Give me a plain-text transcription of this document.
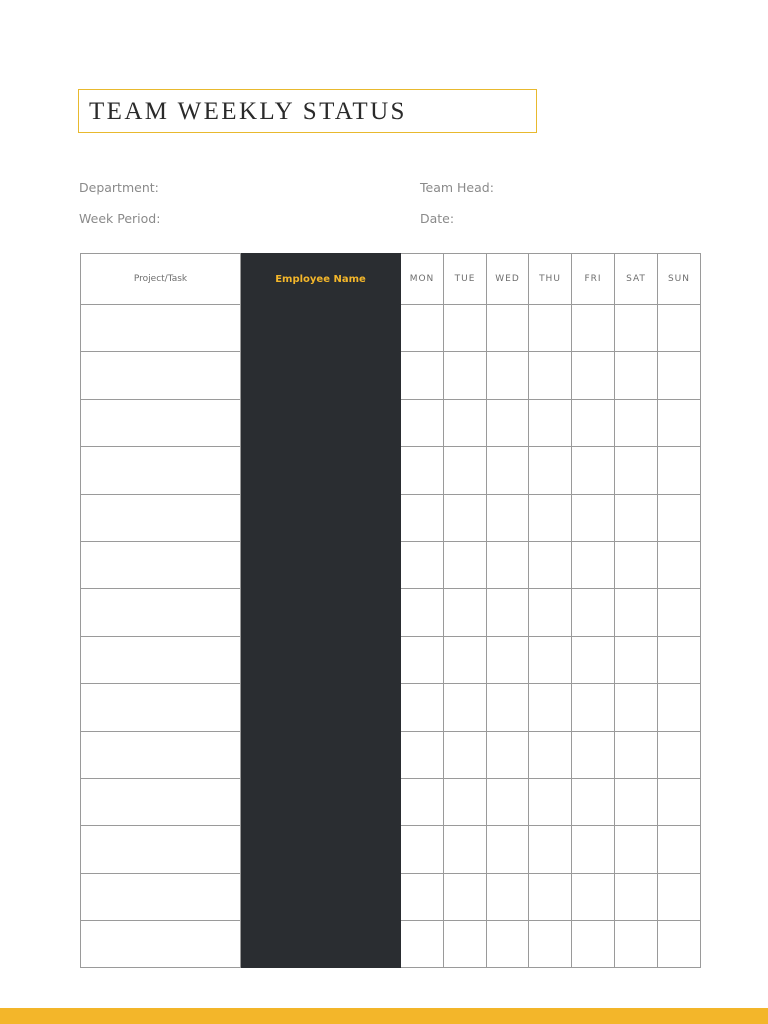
TEAM WEEKLY STATUS
Department:	Team Head:
Week Period:	Date:
Project/Task	Employee Name	MON	TUE	WED	THU	FRI	SAT	SUN
